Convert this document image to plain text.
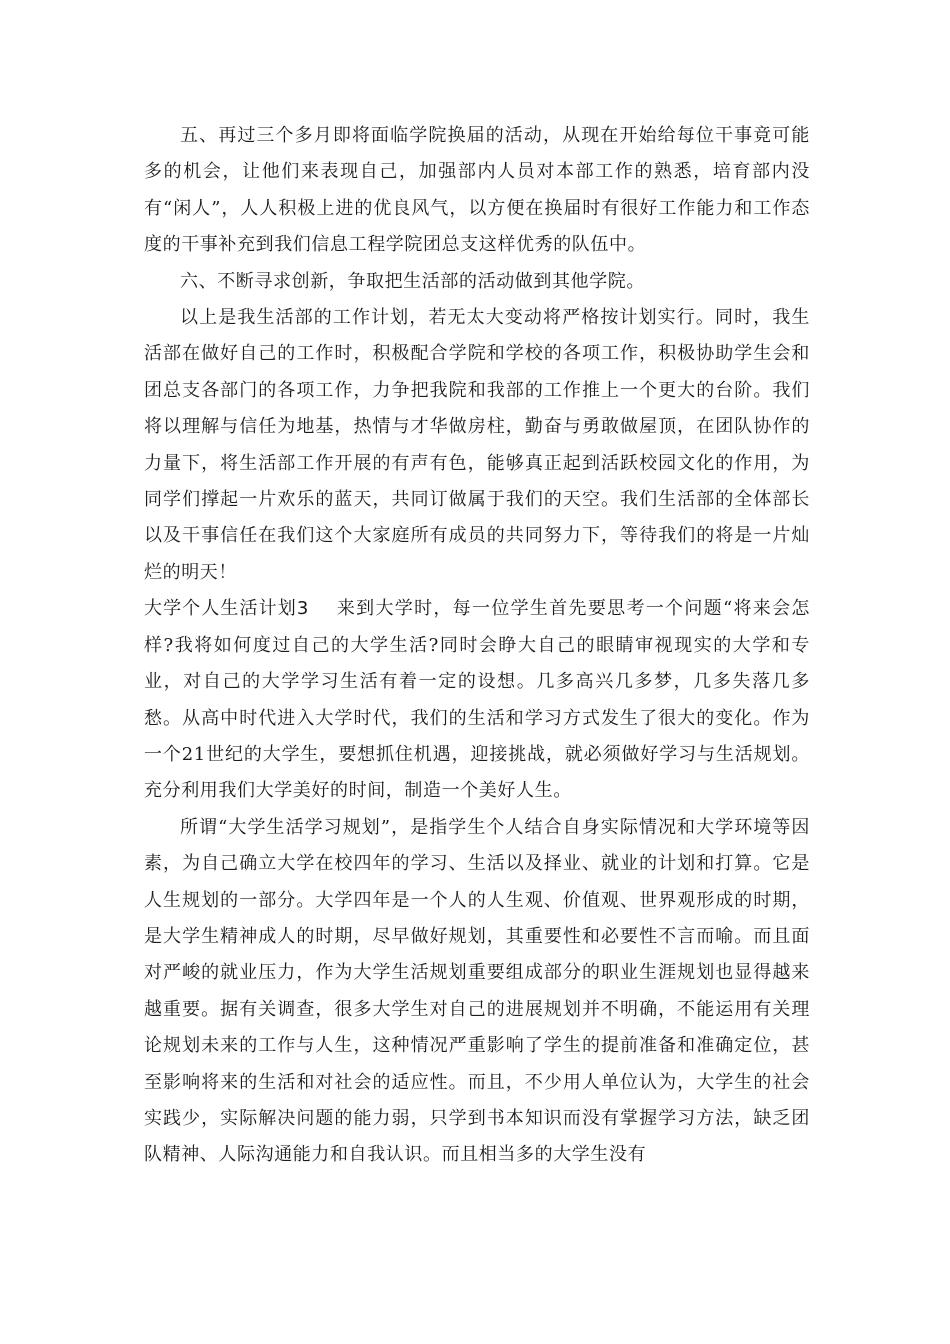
五、再过三个多月即将面临学院换届的活动，从现在开始给每位干事竟可能多的机会，让他们来表现自己，加强部内人员对本部工作的熟悉，培育部内没有“闲人”，人人积极上进的优良风气，以方便在换届时有很好工作能力和工作态度的干事补充到我们信息工程学院团总支这样优秀的队伍中。

六、不断寻求创新，争取把生活部的活动做到其他学院。

以上是我生活部的工作计划，若无太大变动将严格按计划实行。同时，我生活部在做好自己的工作时，积极配合学院和学校的各项工作，积极协助学生会和团总支各部门的各项工作，力争把我院和我部的工作推上一个更大的台阶。我们将以理解与信任为地基，热情与才华做房柱，勤奋与勇敢做屋顶，在团队协作的力量下，将生活部工作开展的有声有色，能够真正起到活跃校园文化的作用，为同学们撑起一片欢乐的蓝天，共同订做属于我们的天空。我们生活部的全体部长以及干事信任在我们这个大家庭所有成员的共同努力下，等待我们的将是一片灿烂的明天！

大学个人生活计划3 来到大学时，每一位学生首先要思考一个问题“将来会怎样?我将如何度过自己的大学生活?同时会睁大自己的眼睛审视现实的大学和专业，对自己的大学学习生活有着一定的设想。几多高兴几多梦，几多失落几多愁。从高中时代进入大学时代，我们的生活和学习方式发生了很大的变化。作为一个21世纪的大学生，要想抓住机遇，迎接挑战，就必须做好学习与生活规划。充分利用我们大学美好的时间，制造一个美好人生。

所谓“大学生活学习规划”，是指学生个人结合自身实际情况和大学环境等因素，为自己确立大学在校四年的学习、生活以及择业、就业的计划和打算。它是人生规划的一部分。大学四年是一个人的人生观、价值观、世界观形成的时期，是大学生精神成人的时期，尽早做好规划，其重要性和必要性不言而喻。而且面对严峻的就业压力，作为大学生活规划重要组成部分的职业生涯规划也显得越来越重要。据有关调查，很多大学生对自己的进展规划并不明确，不能运用有关理论规划未来的工作与人生，这种情况严重影响了学生的提前准备和准确定位，甚至影响将来的生活和对社会的适应性。而且，不少用人单位认为，大学生的社会实践少，实际解决问题的能力弱，只学到书本知识而没有掌握学习方法，缺乏团队精神、人际沟通能力和自我认识。而且相当多的大学生没有
